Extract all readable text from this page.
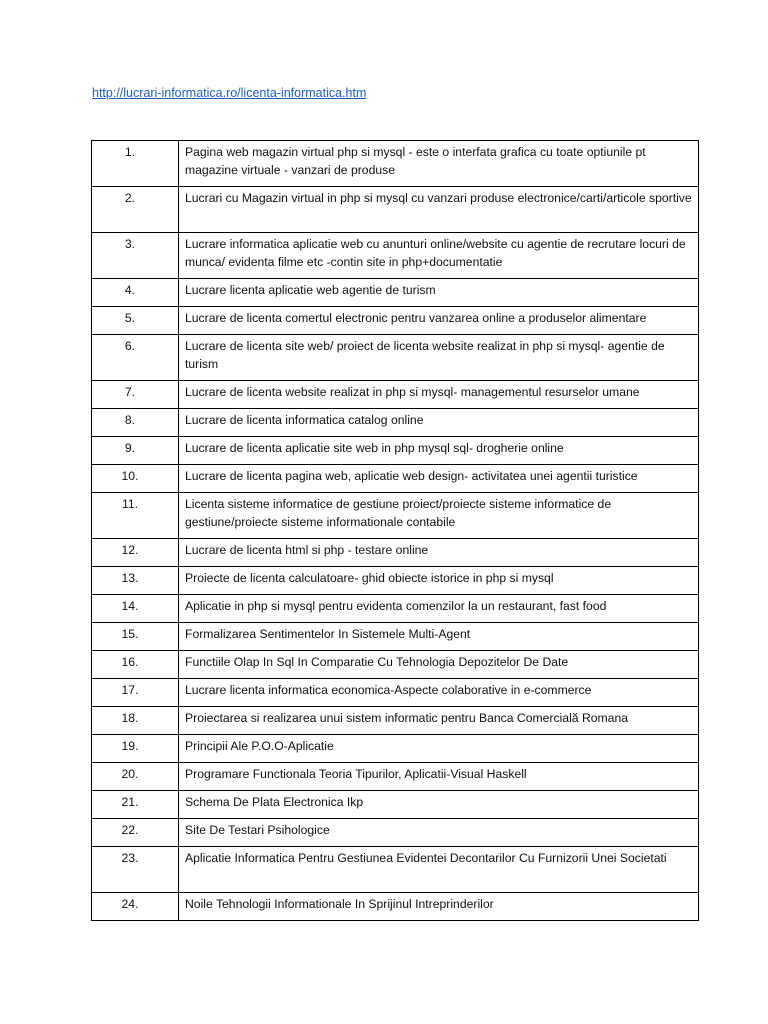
http://lucrari-informatica.ro/licenta-informatica.htm
1.	Pagina web magazin virtual php si mysql - este o interfata grafica cu toate optiunile pt magazine virtuale - vanzari de produse
2.	Lucrari cu Magazin virtual in php si mysql cu vanzari produse electronice/carti/articole sportive
3.	Lucrare informatica aplicatie web cu anunturi online/website cu agentie de recrutare locuri de munca/ evidenta filme etc -contin site in php+documentatie
4.	Lucrare licenta aplicatie web agentie de turism
5.	Lucrare de licenta comertul electronic pentru vanzarea online a produselor alimentare
6.	Lucrare de licenta site web/ proiect de licenta website realizat in php si mysql- agentie de turism
7.	Lucrare de licenta website realizat in php si mysql- managementul resurselor umane
8.	Lucrare de licenta informatica catalog online
9.	Lucrare de licenta aplicatie site web in php mysql sql- drogherie online
10.	Lucrare de licenta pagina web, aplicatie web design- activitatea unei agentii turistice
11.	Licenta sisteme informatice de gestiune proiect/proiecte sisteme informatice de gestiune/proiecte sisteme informationale contabile
12.	Lucrare de licenta html si php - testare online
13.	Proiecte de licenta calculatoare- ghid obiecte istorice in php si mysql
14.	Aplicatie in php si mysql pentru evidenta comenzilor la un restaurant, fast food
15.	Formalizarea Sentimentelor In Sistemele Multi-Agent
16.	Functiile Olap In Sql In Comparatie Cu Tehnologia Depozitelor De Date
17.	Lucrare licenta informatica economica-Aspecte colaborative in e-commerce
18.	Proiectarea si realizarea unui sistem informatic pentru Banca Comercială Romana
19.	Principii Ale P.O.O-Aplicatie
20.	Programare Functionala Teoria Tipurilor, Aplicatii-Visual Haskell
21.	Schema De Plata Electronica Ikp
22.	Site De Testari Psihologice
23.	Aplicatie Informatica Pentru Gestiunea Evidentei Decontarilor Cu Furnizorii Unei Societati
24.	Noile Tehnologii Informationale In Sprijinul Intreprinderilor
